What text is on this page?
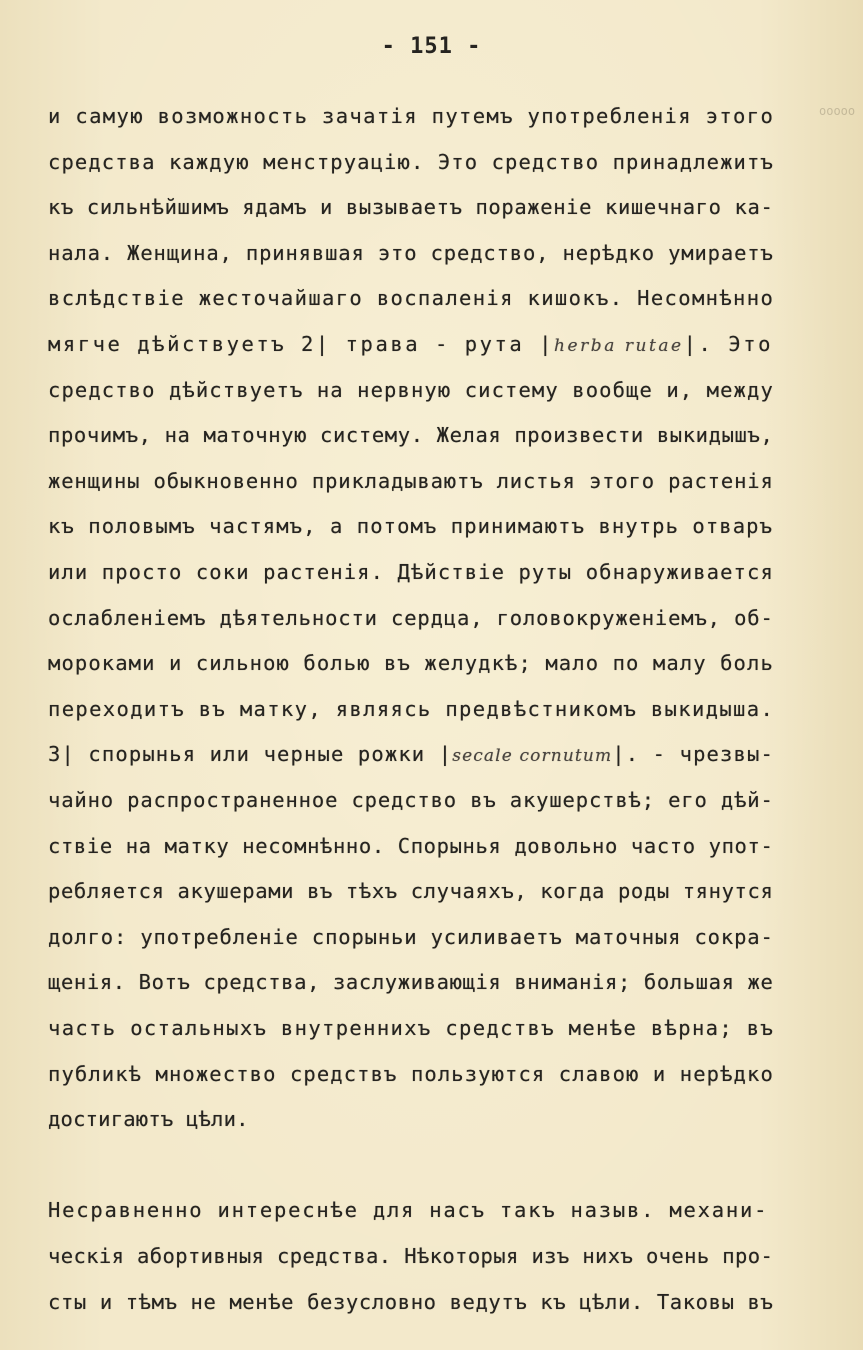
- 151 -
ooooo
и самую возможность зачатія путемъ употребленія этого
средства каждую менструацію. Это средство принадлежитъ
къ сильнѣйшимъ ядамъ и вызываетъ пораженіе кишечнаго ка-
нала. Женщина, принявшая это средство, нерѣдко умираетъ
вслѣдствіе жесточайшаго воспаленія кишокъ. Несомнѣнно
мягче дѣйствуетъ 2| трава - рута |herba rutae|. Это
средство дѣйствуетъ на нервную систему вообще и, между
прочимъ, на маточную систему. Желая произвести выкидышъ,
женщины обыкновенно прикладываютъ листья этого растенія
къ половымъ частямъ, а потомъ принимаютъ внутрь отваръ
или просто соки растенія. Дѣйствіе руты обнаруживается
ослабленіемъ дѣятельности сердца, головокруженіемъ, об-
мороками и сильною болью въ желудкѣ; мало по малу боль
переходитъ въ матку, являясь предвѣстникомъ выкидыша.
3| спорынья или черные рожки |secale cornutum|. - чрезвы-
чайно распространенное средство въ акушерствѣ; его дѣй-
ствіе на матку несомнѣнно. Спорынья довольно часто упот-
ребляется акушерами въ тѣхъ случаяхъ, когда роды тянутся
долго: употребленіе спорыньи усиливаетъ маточныя сокра-
щенія. Вотъ средства, заслуживающія вниманія; большая же
часть остальныхъ внутреннихъ средствъ менѣе вѣрна; въ
публикѣ множество средствъ пользуются славою и нерѣдко
достигаютъ цѣли.
Несравненно интереснѣе для насъ такъ назыв. механи-
ческія абортивныя средства. Нѣкоторыя изъ нихъ очень про-
сты и тѣмъ не менѣе безусловно ведутъ къ цѣли. Таковы въ
